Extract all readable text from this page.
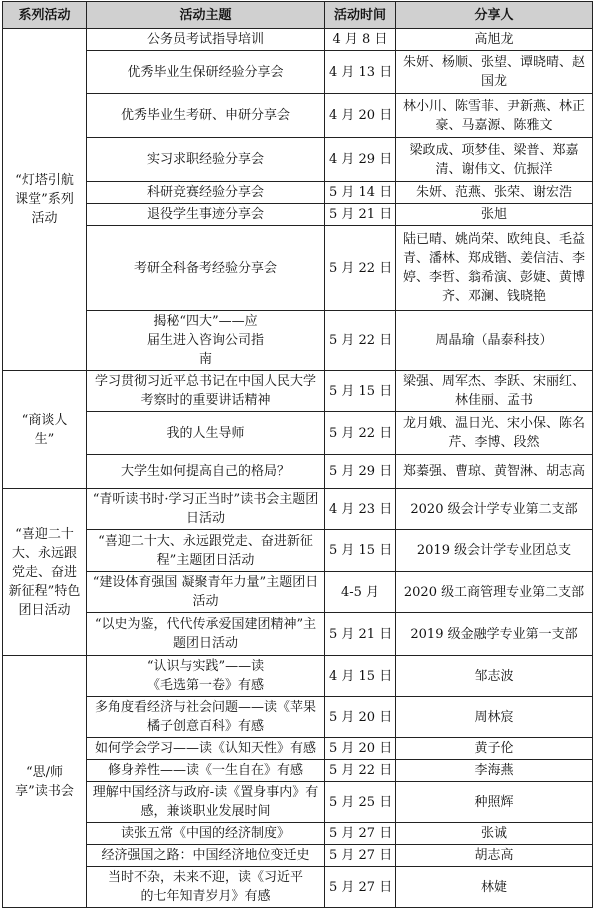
系列活动	活动主题	活动时间	分享人
“灯塔引航课堂”系列活动	公务员考试指导培训	4 月 8 日	高旭龙
	优秀毕业生保研经验分享会	4 月 13 日	朱妍、杨顺、张望、谭晓晴、赵国龙
	优秀毕业生考研、申研分享会	4 月 20 日	林小川、陈雪菲、尹新燕、林正豪、马嘉源、陈雅文
	实习求职经验分享会	4 月 29 日	梁政成、项梦佳、梁普、郑嘉清、谢伟文、伉振洋
	科研竞赛经验分享会	5 月 14 日	朱妍、范燕、张荣、谢宏浩
	退役学生事迹分享会	5 月 21 日	张旭
	考研全科备考经验分享会	5 月 22 日	陆已晴、姚尚荣、欧纯良、毛益青、潘林、郑成锴、姜信洁、李婷、李哲、翁希演、彭婕、黄博齐、邓澜、钱晓艳
	揭秘“四大”——应届生进入咨询公司指南	5 月 22 日	周晶瑜（晶泰科技）
“商谈人生”	学习贯彻习近平总书记在中国人民大学考察时的重要讲话精神	5 月 15 日	梁强、周军杰、李跃、宋丽红、林佳丽、孟书
	我的人生导师	5 月 22 日	龙月娥、温日光、宋小保、陈名芹、李博、段然
	大学生如何提高自己的格局？	5 月 29 日	郑蓁强、曹琼、黄智淋、胡志高
“喜迎二十大、永远跟党走、奋进新征程”特色团日活动	“青听读书时·学习正当时”读书会主题团日活动	4 月 23 日	2020 级会计学专业第二支部
	“喜迎二十大、永远跟党走、奋进新征程”主题团日活动	5 月 15 日	2019 级会计学专业团总支
	“建设体育强国 凝聚青年力量”主题团日活动	4-5 月	2020 级工商管理专业第二支部
	“以史为鉴，代代传承爱国建团精神”主题团日活动	5 月 21 日	2019 级金融学专业第一支部
“思/师享”读书会	“认识与实践”——读《毛选第一卷》有感	4 月 15 日	邹志波
	多角度看经济与社会问题——读《苹果橘子创意百科》有感	5 月 20 日	周林宸
	如何学会学习——读《认知天性》有感	5 月 20 日	黄子伦
	修身养性——读《一生自在》有感	5 月 22 日	李海燕
	理解中国经济与政府-读《置身事内》有感，兼谈职业发展时间	5 月 25 日	种照辉
	读张五常《中国的经济制度》	5 月 27 日	张诚
	经济强国之路：中国经济地位变迁史	5 月 27 日	胡志高
	当时不杂，未来不迎，读《习近平的七年知青岁月》有感	5 月 27 日	林婕
